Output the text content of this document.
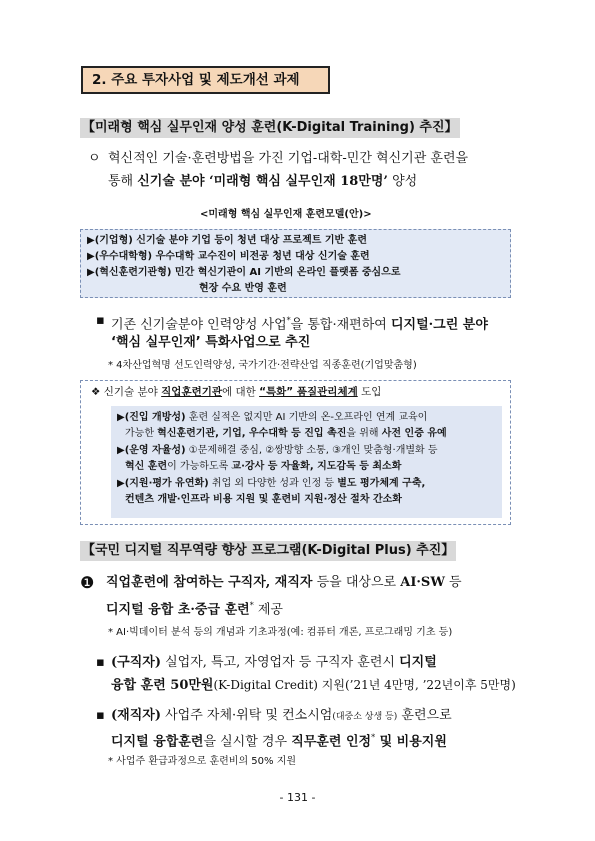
2. 주요 투자사업 및 제도개선 과제
【미래형 핵심 실무인재 양성 훈련(K-Digital Training) 추진】
ㅇ 혁신적인 기술·훈련방법을 가진 기업-대학-민간 혁신기관 훈련을
통해 신기술 분야 ‘미래형 핵심 실무인재 18만명’ 양성
<미래형 핵심 실무인재 훈련모델(안)>
▶(기업형) 신기술 분야 기업 등이 청년 대상 프로젝트 기반 훈련
▶(우수대학형) 우수대학 교수진이 비전공 청년 대상 신기술 훈련
▶(혁신훈련기관형) 민간 혁신기관이 AI 기반의 온라인 플랫폼 중심으로
현장 수요 반영 훈련
▪ 기존 신기술분야 인력양성 사업*을 통합·재편하여 디지털·그린 분야
‘핵심 실무인재’ 특화사업으로 추진
* 4차산업혁명 선도인력양성, 국가기간·전략산업 직종훈련(기업맞춤형)
❖ 신기술 분야 직업훈련기관에 대한 “특화” 품질관리체계 도입
▶(진입 개방성) 훈련 실적은 없지만 AI 기반의 온-오프라인 연계 교육이
가능한 혁신훈련기관, 기업, 우수대학 등 진입 촉진을 위해 사전 인증 유예
▶(운영 자율성) ①문제해결 중심, ②쌍방향 소통, ③개인 맞춤형·개별화 등
혁신 훈련이 가능하도록 교·강사 등 자율화, 지도감독 등 최소화
▶(지원·평가 유연화) 취업 외 다양한 성과 인정 등 별도 평가체계 구축,
컨텐츠 개발·인프라 비용 지원 및 훈련비 지원·정산 절차 간소화
【국민 디지털 직무역량 향상 프로그램(K-Digital Plus) 추진】
❶ 직업훈련에 참여하는 구직자, 재직자 등을 대상으로 AI·SW 등
디지털 융합 초·중급 훈련* 제공
* AI·빅데이터 분석 등의 개념과 기초과정(예: 컴퓨터 개론, 프로그래밍 기초 등)
▪ (구직자) 실업자, 특고, 자영업자 등 구직자 훈련시 디지털
융합 훈련 50만원(K-Digital Credit) 지원(’21년 4만명, ’22년이후 5만명)
▪ (재직자) 사업주 자체·위탁 및 컨소시엄(대중소 상생 등) 훈련으로
디지털 융합훈련을 실시할 경우 직무훈련 인정* 및 비용지원
* 사업주 환급과정으로 훈련비의 50% 지원
- 131 -
